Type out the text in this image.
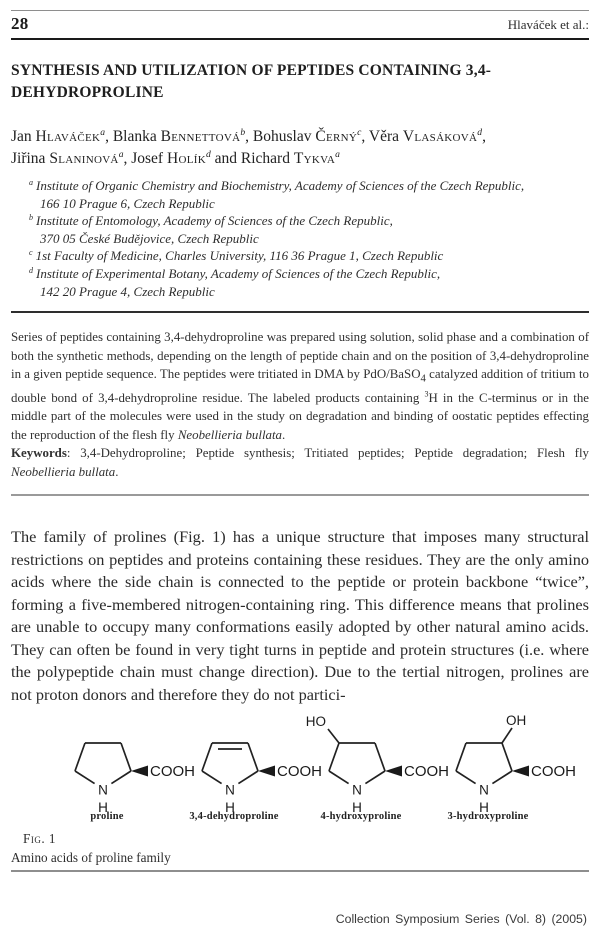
28	Hlaváček et al.:
SYNTHESIS AND UTILIZATION OF PEPTIDES CONTAINING 3,4-DEHYDROPROLINE
Jan Hlaváček$^a$, Blanka Bennettová$^b$, Bohuslav Černý$^c$, Věra Vlasáková$^d$,
Jiřina Slaninová$^a$, Josef Holík$^d$ and Richard Tykva$^a$
$^a$ Institute of Organic Chemistry and Biochemistry, Academy of Sciences of the Czech Republic,
166 10 Prague 6, Czech Republic
$^b$ Institute of Entomology, Academy of Sciences of the Czech Republic,
370 05 České Budějovice, Czech Republic
$^c$ 1st Faculty of Medicine, Charles University, 116 36 Prague 1, Czech Republic
$^d$ Institute of Experimental Botany, Academy of Sciences of the Czech Republic,
142 20 Prague 4, Czech Republic
Series of peptides containing 3,4-dehydroproline was prepared using solution, solid phase and a combination of both the synthetic methods, depending on the length of peptide chain and on the position of 3,4-dehydroproline in a given peptide sequence. The peptides were tritiated in DMA by PdO/BaSO$_4$ catalyzed addition of tritium to double bond of 3,4-dehydroproline residue. The labeled products containing $^3$H in the C-terminus or in the middle part of the molecules were used in the study on degradation and binding of oostatic peptides effecting the reproduction of the flesh fly Neobellieria bullata.
Keywords: 3,4-Dehydroproline; Peptide synthesis; Tritiated peptides; Peptide degradation; Flesh fly Neobellieria bullata.
The family of prolines (Fig. 1) has a unique structure that imposes many structural restrictions on peptides and proteins containing these residues. They are the only amino acids where the side chain is connected to the peptide or protein backbone “twice”, forming a five-membered nitrogen-containing ring. This difference means that prolines are unable to occupy many conformations easily adopted by other natural amino acids. They can often be found in very tight turns in peptide and protein structures (i.e. where the polypeptide chain must change direction). Due to the tertial nitrogen, prolines are not proton donors and therefore they do not partici-
COOH
N
H
proline
COOH
N
H
3,4-dehydroproline
HO
COOH
N
H
4-hydroxyproline
OH
COOH
N
H
3-hydroxyproline
Fig. 1
Amino acids of proline family
Collection Symposium Series (Vol. 8) (2005)
